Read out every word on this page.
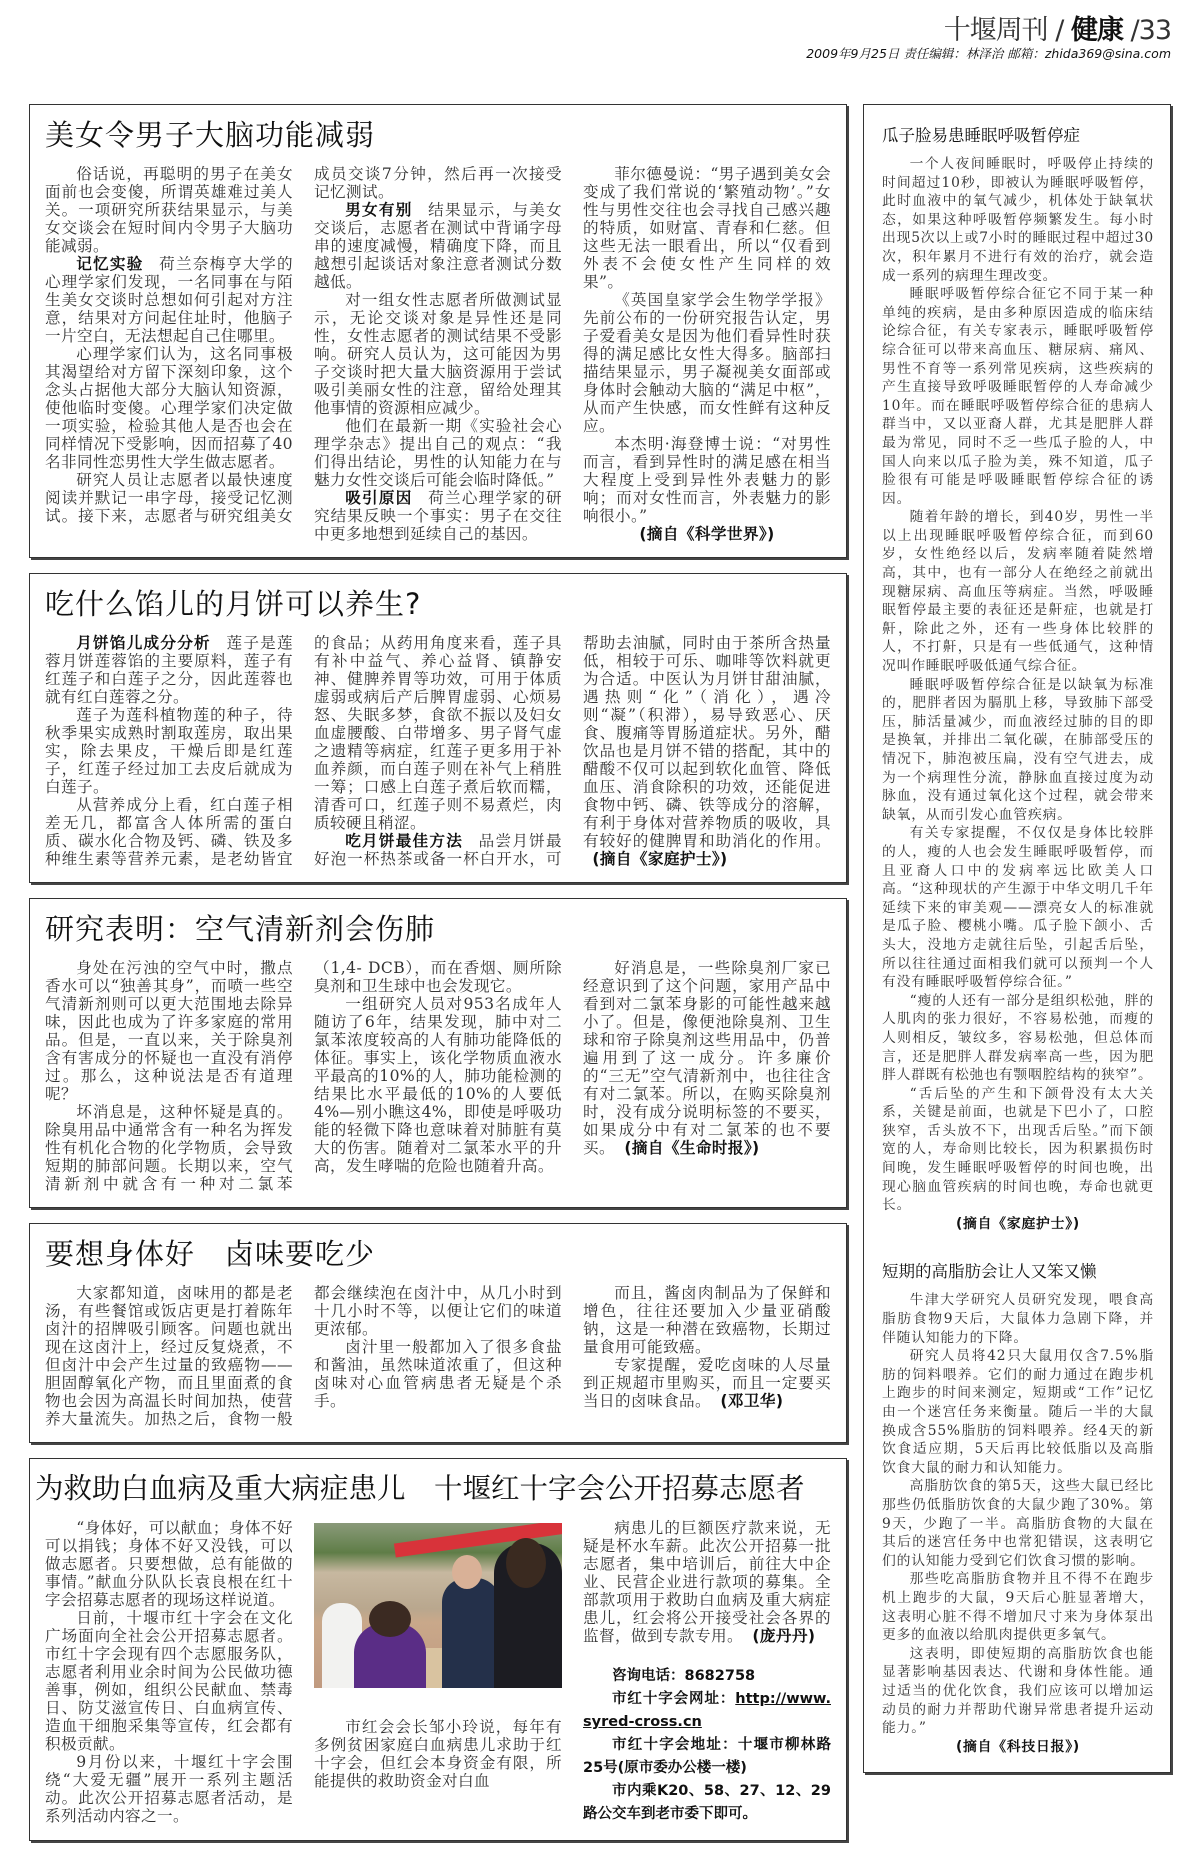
十堰周刊 / 健康 /33
2009年9月25日 责任编辑：林泽治 邮箱：zhida369@sina.com
美女令男子大脑功能减弱

俗话说，再聪明的男子在美女面前也会变傻，所谓英雄难过美人关。一项研究所获结果显示，与美女交谈会在短时间内令男子大脑功能减弱。

记忆实验 荷兰奈梅亨大学的心理学家们发现，一名同事在与陌生美女交谈时总想如何引起对方注意，结果对方问起住址时，他脑子一片空白，无法想起自己住哪里。

心理学家们认为，这名同事极其渴望给对方留下深刻印象，这个念头占据他大部分大脑认知资源，使他临时变傻。心理学家们决定做一项实验，检验其他人是否也会在同样情况下受影响，因而招募了40名非同性恋男性大学生做志愿者。

研究人员让志愿者以最快速度阅读并默记一串字母，接受记忆测试。接下来，志愿者与研究组美女成员交谈7分钟，然后再一次接受记忆测试。

男女有别 结果显示，与美女交谈后，志愿者在测试中背诵字母串的速度减慢，精确度下降，而且越想引起谈话对象注意者测试分数越低。

对一组女性志愿者所做测试显示，无论交谈对象是异性还是同性，女性志愿者的测试结果不受影响。研究人员认为，这可能因为男子交谈时把大量大脑资源用于尝试吸引美丽女性的注意，留给处理其他事情的资源相应减少。

他们在最新一期《实验社会心理学杂志》提出自己的观点：“我们得出结论，男性的认知能力在与魅力女性交谈后可能会临时降低。”

吸引原因 荷兰心理学家的研究结果反映一个事实：男子在交往中更多地想到延续自己的基因。

菲尔德曼说：“男子遇到美女会变成了我们常说的‘繁殖动物’。”女性与男性交往也会寻找自己感兴趣的特质，如财富、青春和仁慈。但这些无法一眼看出，所以“仅看到外表不会使女性产生同样的效果”。

《英国皇家学会生物学学报》先前公布的一份研究报告认定，男子爱看美女是因为他们看异性时获得的满足感比女性大得多。脑部扫描结果显示，男子凝视美女面部或身体时会触动大脑的“满足中枢”，从而产生快感，而女性鲜有这种反应。

本杰明·海登博士说：“对男性而言，看到异性时的满足感在相当大程度上受到异性外表魅力的影响；而对女性而言，外表魅力的影响很小。”

(摘自《科学世界》)

吃什么馅儿的月饼可以养生?

月饼馅儿成分分析 莲子是莲蓉月饼莲蓉馅的主要原料，莲子有红莲子和白莲子之分，因此莲蓉也就有红白莲蓉之分。

莲子为莲科植物莲的种子，待秋季果实成熟时割取莲房，取出果实，除去果皮，干燥后即是红莲子，红莲子经过加工去皮后就成为白莲子。

从营养成分上看，红白莲子相差无几，都富含人体所需的蛋白质、碳水化合物及钙、磷、铁及多种维生素等营养元素，是老幼皆宜的食品；从药用角度来看，莲子具有补中益气、养心益肾、镇静安神、健脾养胃等功效，可用于体质虚弱或病后产后脾胃虚弱、心烦易怒、失眠多梦，食欲不振以及妇女血虚腰酸、白带增多、男子肾气虚之遗精等病症，红莲子更多用于补血养颜，而白莲子则在补气上稍胜一筹；口感上白莲子煮后软而糯，清香可口，红莲子则不易煮烂，肉质较硬且稍涩。

吃月饼最佳方法 品尝月饼最好泡一杯热茶或备一杯白开水，可帮助去油腻，同时由于茶所含热量低，相较于可乐、咖啡等饮料就更为合适。中医认为月饼甘甜油腻，遇热则“化”（消化），遇冷则“凝”（积滞），易导致恶心、厌食、腹痛等胃肠道症状。另外，醋饮品也是月饼不错的搭配，其中的醋酸不仅可以起到软化血管、降低血压、消食除积的功效，还能促进食物中钙、磷、铁等成分的溶解，有利于身体对营养物质的吸收，具有较好的健脾胃和助消化的作用。(摘自《家庭护士》)

研究表明：空气清新剂会伤肺

身处在污浊的空气中时，撒点香水可以“独善其身”，而喷一些空气清新剂则可以更大范围地去除异味，因此也成为了许多家庭的常用品。但是，一直以来，关于除臭剂含有害成分的怀疑也一直没有消停过。那么，这种说法是否有道理呢？

坏消息是，这种怀疑是真的。除臭用品中通常含有一种名为挥发性有机化合物的化学物质，会导致短期的肺部问题。长期以来，空气清新剂中就含有一种对二氯苯（1,4- DCB），而在香烟、厕所除臭剂和卫生球中也会发现它。

一组研究人员对953名成年人随访了6年，结果发现，肺中对二氯苯浓度较高的人有肺功能降低的体征。事实上，该化学物质血液水平最高的10%的人，肺功能检测的结果比水平最低的10%的人要低4%—别小瞧这4%，即使是呼吸功能的轻微下降也意味着对肺脏有莫大的伤害。随着对二氯苯水平的升高，发生哮喘的危险也随着升高。

好消息是，一些除臭剂厂家已经意识到了这个问题，家用产品中看到对二氯苯身影的可能性越来越小了。但是，像便池除臭剂、卫生球和帘子除臭剂这些用品中，仍普遍用到了这一成分。许多廉价的“三无”空气清新剂中，也往往含有对二氯苯。所以，在购买除臭剂时，没有成分说明标签的不要买，如果成分中有对二氯苯的也不要买。 (摘自《生命时报》)

要想身体好　卤味要吃少

大家都知道，卤味用的都是老汤，有些餐馆或饭店更是打着陈年卤汁的招牌吸引顾客。问题也就出现在这卤汁上，经过反复烧煮，不但卤汁中会产生过量的致癌物——胆固醇氧化产物，而且里面煮的食物也会因为高温长时间加热，使营养大量流失。加热之后，食物一般都会继续泡在卤汁中，从几小时到十几小时不等，以便让它们的味道更浓郁。

卤汁里一般都加入了很多食盐和酱油，虽然味道浓重了，但这种卤味对心血管病患者无疑是个杀手。

而且，酱卤肉制品为了保鲜和增色，往往还要加入少量亚硝酸钠，这是一种潜在致癌物，长期过量食用可能致癌。

专家提醒，爱吃卤味的人尽量到正规超市里购买，而且一定要买当日的卤味食品。 (邓卫华)

为救助白血病及重大病症患儿　十堰红十字会公开招募志愿者

“身体好，可以献血；身体不好可以捐钱；身体不好又没钱，可以做志愿者。只要想做，总有能做的事情。”献血分队队长袁良根在红十字会招募志愿者的现场这样说道。

日前，十堰市红十字会在文化广场面向全社会公开招募志愿者。市红十字会现有四个志愿服务队，志愿者利用业余时间为公民做功德善事，例如，组织公民献血、禁毒日、防艾滋宣传日、白血病宣传、造血干细胞采集等宣传，红会都有积极贡献。

9月份以来，十堰红十字会围绕“大爱无疆”展开一系列主题活动。此次公开招募志愿者活动，是系列活动内容之一。

市红会会长邹小玲说，每年有多例贫困家庭白血病患儿求助于红十字会，但红会本身资金有限，所能提供的救助资金对白血

病患儿的巨额医疗款来说，无疑是杯水车薪。此次公开招募一批志愿者，集中培训后，前往大中企业、民营企业进行款项的募集。全部款项用于救助白血病及重大病症患儿，红会将公开接受社会各界的监督，做到专款专用。 (庞丹丹)

咨询电话：8682758

市红十字会网址：http://www.syred-cross.cn

市红十字会地址：十堰市柳林路25号(原市委办公楼一楼)

市内乘K20、58、27、12、29路公交车到老市委下即可。

瓜子脸易患睡眠呼吸暂停症

一个人夜间睡眠时，呼吸停止持续的时间超过10秒，即被认为睡眠呼吸暂停，此时血液中的氧气减少，机体处于缺氧状态，如果这种呼吸暂停频繁发生。每小时出现5次以上或7小时的睡眠过程中超过30次，积年累月不进行有效的治疗，就会造成一系列的病理生理改变。

睡眠呼吸暂停综合征它不同于某一种单纯的疾病，是由多种原因造成的临床结论综合征，有关专家表示，睡眠呼吸暂停综合征可以带来高血压、糖尿病、痛风、男性不育等一系列常见疾病，这些疾病的产生直接导致呼吸睡眠暂停的人寿命减少10年。而在睡眠呼吸暂停综合征的患病人群当中，又以亚裔人群，尤其是肥胖人群最为常见，同时不乏一些瓜子脸的人，中国人向来以瓜子脸为美，殊不知道，瓜子脸很有可能是呼吸睡眠暂停综合征的诱因。

随着年龄的增长，到40岁，男性一半以上出现睡眠呼吸暂停综合征，而到60岁，女性绝经以后，发病率随着陡然增高，其中，也有一部分人在绝经之前就出现糖尿病、高血压等病症。当然，呼吸睡眠暂停最主要的表征还是鼾症，也就是打鼾，除此之外，还有一些身体比较胖的人，不打鼾，只是有一些低通气，这种情况叫作睡眠呼吸低通气综合征。

睡眠呼吸暂停综合征是以缺氧为标准的，肥胖者因为膈肌上移，导致肺下部受压，肺活量减少，而血液经过肺的目的即是换氧，并排出二氧化碳，在肺部受压的情况下，肺泡被压扁，没有空气进去，成为一个病理性分流，静脉血直接过度为动脉血，没有通过氧化这个过程，就会带来缺氧，从而引发心血管疾病。

有关专家提醒，不仅仅是身体比较胖的人，瘦的人也会发生睡眠呼吸暂停，而且亚裔人口中的发病率远比欧美人口高。“这种现状的产生源于中华文明几千年延续下来的审美观——漂亮女人的标准就是瓜子脸、樱桃小嘴。瓜子脸下颌小、舌头大，没地方走就往后坠，引起舌后坠，所以往往通过面相我们就可以预判一个人有没有睡眠呼吸暂停综合征。”

“瘦的人还有一部分是组织松弛，胖的人肌肉的张力很好，不容易松弛，而瘦的人则相反，皱纹多，容易松弛，但总体而言，还是肥胖人群发病率高一些，因为肥胖人群既有松弛也有颚咽腔结构的狭窄”。

“舌后坠的产生和下颌骨没有太大关系，关键是前面，也就是下巴小了，口腔狭窄，舌头放不下，出现舌后坠。”而下颌宽的人，寿命则比较长，因为积累损伤时间晚，发生睡眠呼吸暂停的时间也晚，出现心脑血管疾病的时间也晚，寿命也就更长。

(摘自《家庭护士》)

短期的高脂肪会让人又笨又懒

牛津大学研究人员研究发现，喂食高脂肪食物9天后，大鼠体力急剧下降，并伴随认知能力的下降。

研究人员将42只大鼠用仅含7.5%脂肪的饲料喂养。它们的耐力通过在跑步机上跑步的时间来测定，短期或“工作”记忆由一个迷宫任务来衡量。随后一半的大鼠换成含55%脂肪的饲料喂养。经4天的新饮食适应期，5天后再比较低脂以及高脂饮食大鼠的耐力和认知能力。

高脂肪饮食的第5天，这些大鼠已经比那些仍低脂肪饮食的大鼠少跑了30%。第9天，少跑了一半。高脂肪食物的大鼠在其后的迷宫任务中也常犯错误，这表明它们的认知能力受到它们饮食习惯的影响。

那些吃高脂肪食物并且不得不在跑步机上跑步的大鼠，9天后心脏显著增大，这表明心脏不得不增加尺寸来为身体泵出更多的血液以给肌肉提供更多氧气。

这表明，即使短期的高脂肪饮食也能显著影响基因表达、代谢和身体性能。通过适当的优化饮食，我们应该可以增加运动员的耐力并帮助代谢异常患者提升运动能力。”

(摘自《科技日报》)
